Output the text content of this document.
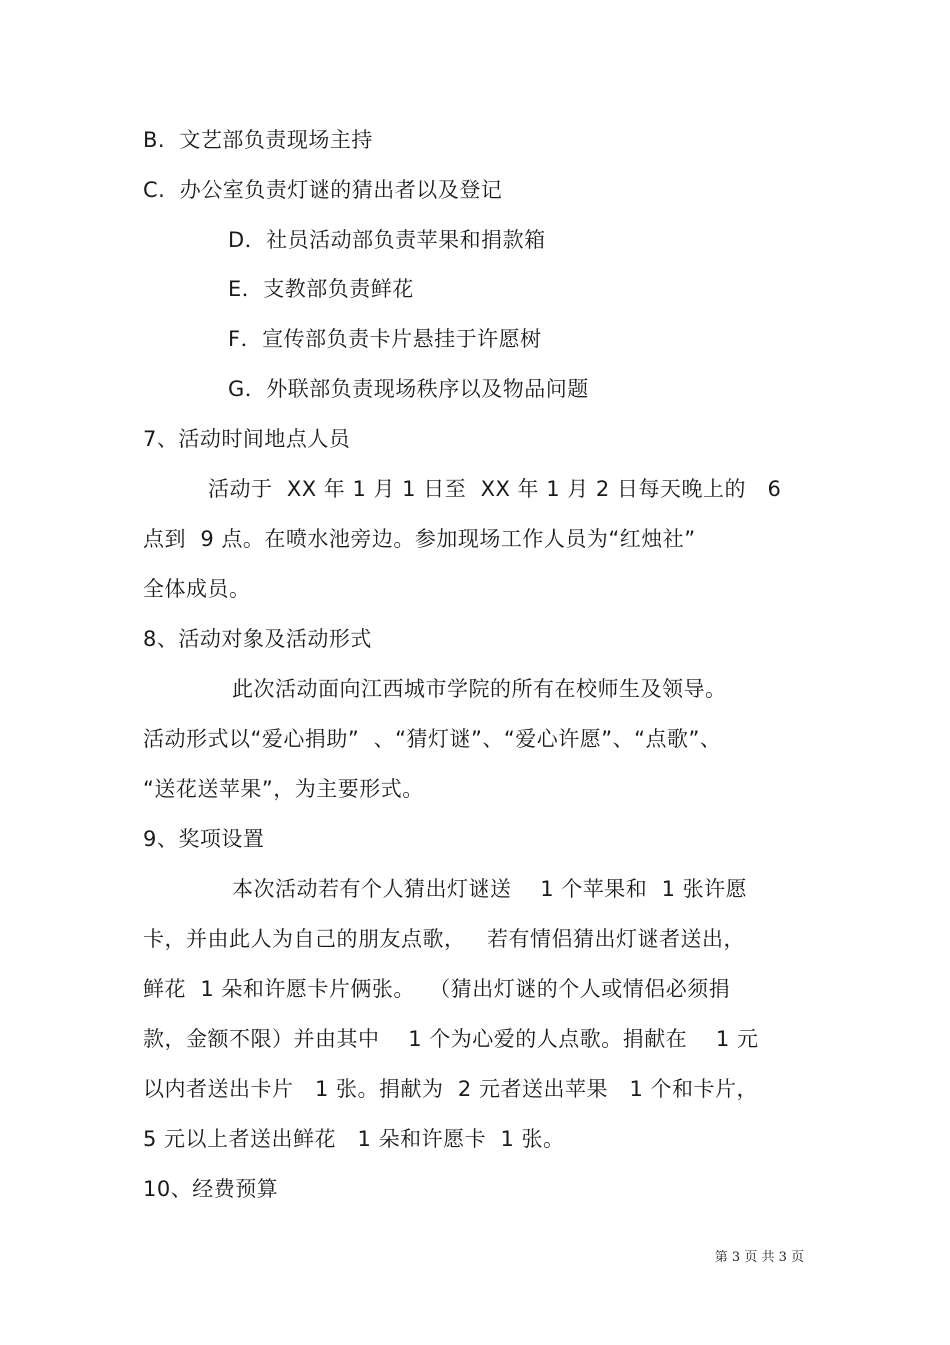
B.  文艺部负责现场主持
C.  办公室负责灯谜的猜出者以及登记
D．社员活动部负责苹果和捐款箱
E．支教部负责鲜花
F．宣传部负责卡片悬挂于许愿树
G．外联部负责现场秩序以及物品问题
7、活动时间地点人员
活动于  XX 年 1 月 1 日至  XX 年 1 月 2 日每天晚上的   6
点到  9 点。在喷水池旁边。参加现场工作人员为“红烛社”
全体成员。
8、活动对象及活动形式
此次活动面向江西城市学院的所有在校师生及领导。
活动形式以“爱心捐助”  、“猜灯谜”、“爱心许愿”、“点歌”、
“送花送苹果”，为主要形式。
9、奖项设置
本次活动若有个人猜出灯谜送    1 个苹果和  1 张许愿
卡，并由此人为自己的朋友点歌，   若有情侣猜出灯谜者送出，
鲜花  1 朵和许愿卡片俩张。  （猜出灯谜的个人或情侣必须捐
款，金额不限）并由其中    1 个为心爱的人点歌。捐献在    1 元
以内者送出卡片   1 张。捐献为  2 元者送出苹果   1 个和卡片，
5 元以上者送出鲜花   1 朵和许愿卡  1 张。
10、经费预算
第 3 页 共 3 页
